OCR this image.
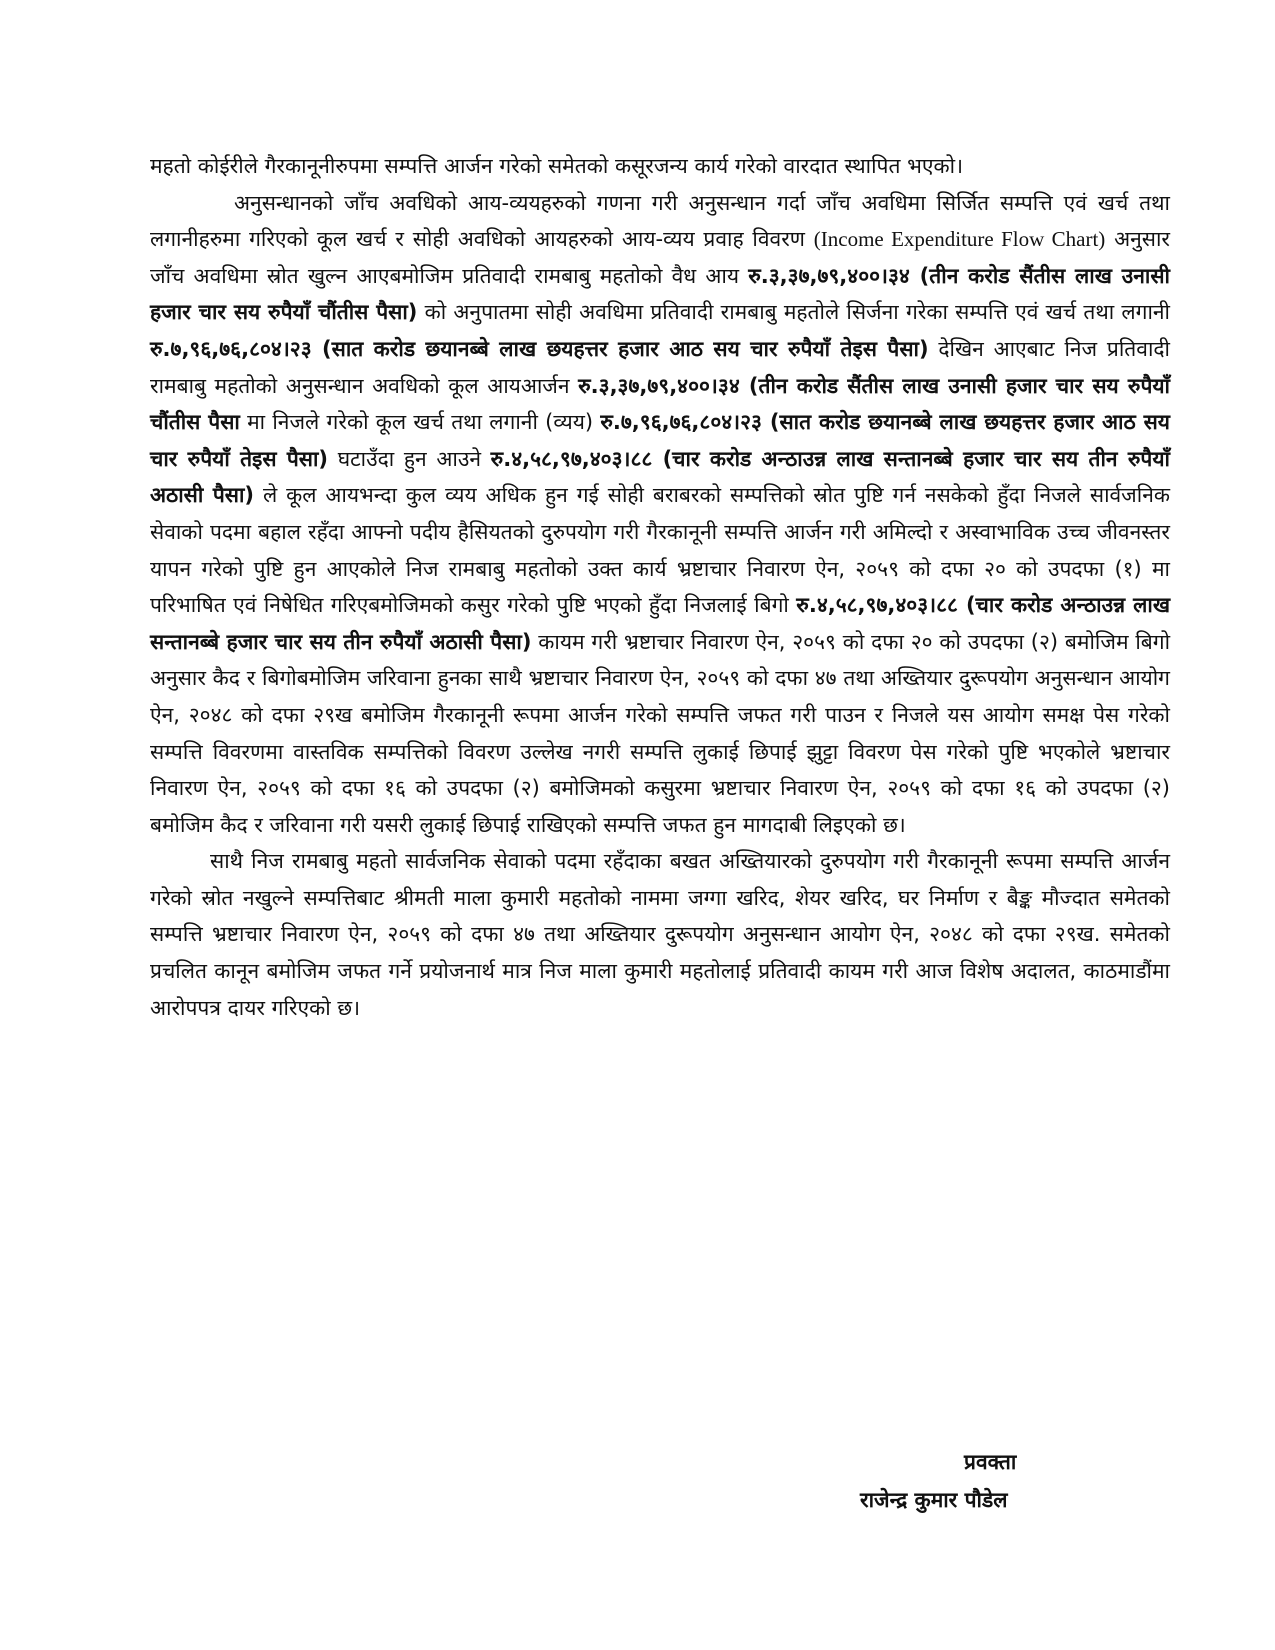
महतो कोईरीले गैरकानूनीरुपमा सम्पत्ति आर्जन गरेको समेतको कसूरजन्य कार्य गरेको वारदात स्थापित भएको।

अनुसन्धानको जाँच अवधिको आय-व्ययहरुको गणना गरी अनुसन्धान गर्दा जाँच अवधिमा सिर्जित सम्पत्ति एवं खर्च तथा लगानीहरुमा गरिएको कूल खर्च र सोही अवधिको आयहरुको आय-व्यय प्रवाह विवरण (Income Expenditure Flow Chart) अनुसार जाँच अवधिमा स्रोत खुल्न आएबमोजिम प्रतिवादी रामबाबु महतोको वैध आय रु.३,३७,७९,४००।३४ (तीन करोड सैंतीस लाख उनासी हजार चार सय रुपैयाँ चौंतीस पैसा) को अनुपातमा सोही अवधिमा प्रतिवादी रामबाबु महतोले सिर्जना गरेका सम्पत्ति एवं खर्च तथा लगानी रु.७,९६,७६,८०४।२३ (सात करोड छयानब्बे लाख छयहत्तर हजार आठ सय चार रुपैयाँ तेइस पैसा) देखिन आएबाट निज प्रतिवादी रामबाबु महतोको अनुसन्धान अवधिको कूल आयआर्जन रु.३,३७,७९,४००।३४ (तीन करोड सैंतीस लाख उनासी हजार चार सय रुपैयाँ चौंतीस पैसा मा निजले गरेको कूल खर्च तथा लगानी (व्यय) रु.७,९६,७६,८०४।२३ (सात करोड छयानब्बे लाख छयहत्तर हजार आठ सय चार रुपैयाँ तेइस पैसा) घटाउँदा हुन आउने रु.४,५८,९७,४०३।८८ (चार करोड अन्ठाउन्न लाख सन्तानब्बे हजार चार सय तीन रुपैयाँ अठासी पैसा) ले कूल आयभन्दा कुल व्यय अधिक हुन गई सोही बराबरको सम्पत्तिको स्रोत पुष्टि गर्न नसकेको हुँदा निजले सार्वजनिक सेवाको पदमा बहाल रहँदा आफ्नो पदीय हैसियतको दुरुपयोग गरी गैरकानूनी सम्पत्ति आर्जन गरी अमिल्दो र अस्वाभाविक उच्च जीवनस्तर यापन गरेको पुष्टि हुन आएकोले निज रामबाबु महतोको उक्त कार्य भ्रष्टाचार निवारण ऐन, २०५९ को दफा २० को उपदफा (१) मा परिभाषित एवं निषेधित गरिएबमोजिमको कसुर गरेको पुष्टि भएको हुँदा निजलाई बिगो रु.४,५८,९७,४०३।८८ (चार करोड अन्ठाउन्न लाख सन्तानब्बे हजार चार सय तीन रुपैयाँ अठासी पैसा) कायम गरी भ्रष्टाचार निवारण ऐन, २०५९ को दफा २० को उपदफा (२) बमोजिम बिगो अनुसार कैद र बिगोबमोजिम जरिवाना हुनका साथै भ्रष्टाचार निवारण ऐन, २०५९ को दफा ४७ तथा अख्तियार दुरूपयोग अनुसन्धान आयोग ऐन, २०४८ को दफा २९ख बमोजिम गैरकानूनी रूपमा आर्जन गरेको सम्पत्ति जफत गरी पाउन र निजले यस आयोग समक्ष पेस गरेको सम्पत्ति विवरणमा वास्तविक सम्पत्तिको विवरण उल्लेख नगरी सम्पत्ति लुकाई छिपाई झुट्टा विवरण पेस गरेको पुष्टि भएकोले भ्रष्टाचार निवारण ऐन, २०५९ को दफा १६ को उपदफा (२) बमोजिमको कसुरमा भ्रष्टाचार निवारण ऐन, २०५९ को दफा १६ को उपदफा (२) बमोजिम कैद र जरिवाना गरी यसरी लुकाई छिपाई राखिएको सम्पत्ति जफत हुन मागदाबी लिइएको छ।

साथै निज रामबाबु महतो सार्वजनिक सेवाको पदमा रहँदाका बखत अख्तियारको दुरुपयोग गरी गैरकानूनी रूपमा सम्पत्ति आर्जन गरेको स्रोत नखुल्ने सम्पत्तिबाट श्रीमती माला कुमारी महतोको नाममा जग्गा खरिद, शेयर खरिद, घर निर्माण र बैङ्क मौज्दात समेतको सम्पत्ति भ्रष्टाचार निवारण ऐन, २०५९ को दफा ४७ तथा अख्तियार दुरूपयोग अनुसन्धान आयोग ऐन, २०४८ को दफा २९ख. समेतको प्रचलित कानून बमोजिम जफत गर्ने प्रयोजनार्थ मात्र निज माला कुमारी महतोलाई प्रतिवादी कायम गरी आज विशेष अदालत, काठमाडौंमा आरोपपत्र दायर गरिएको छ।

प्रवक्ता
राजेन्द्र कुमार पौडेल
